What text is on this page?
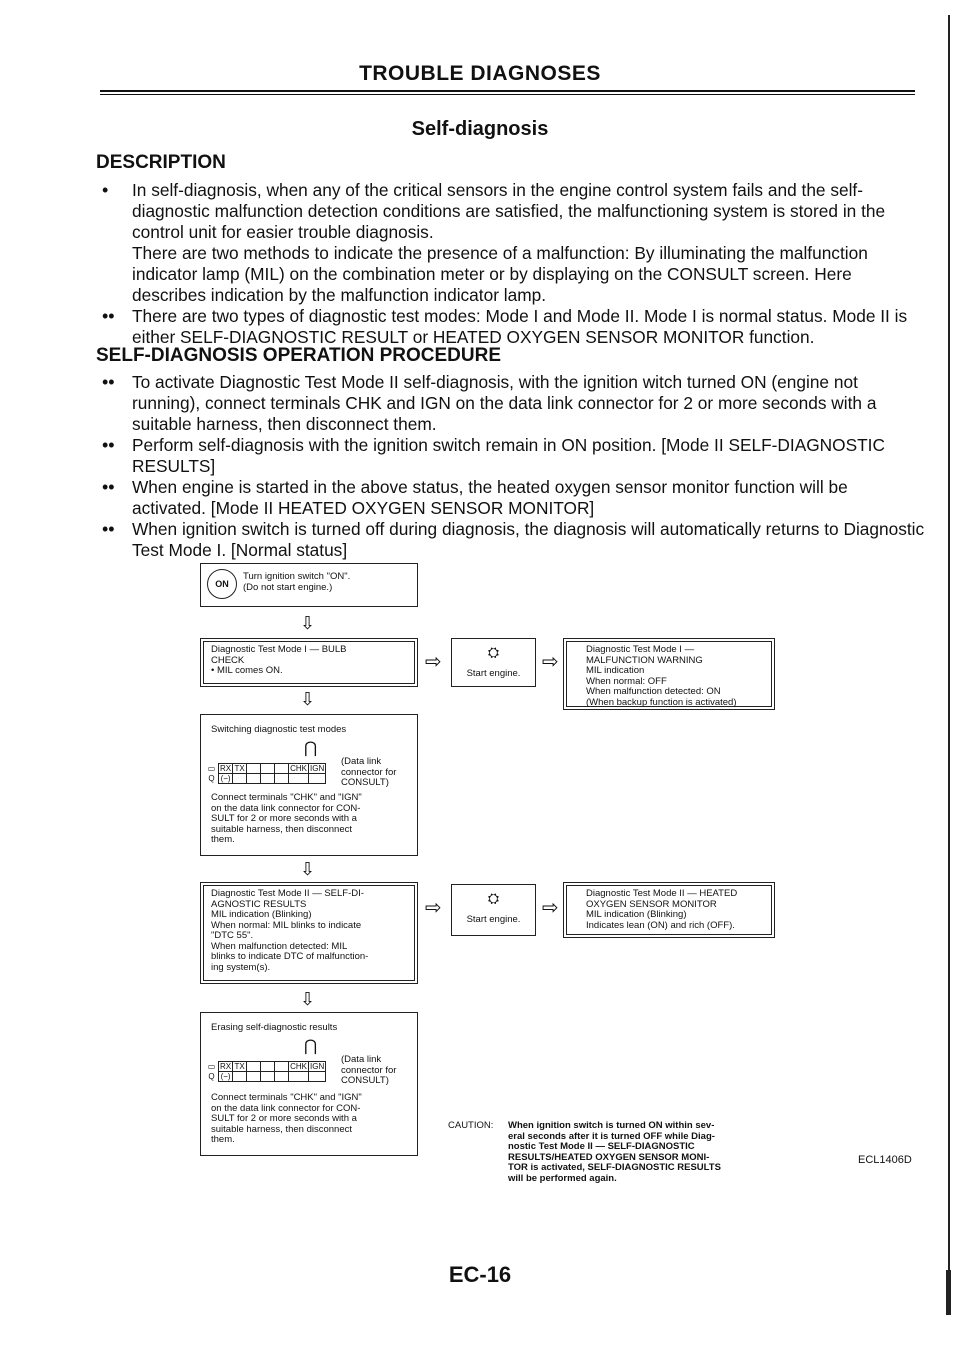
TROUBLE DIAGNOSES
Self-diagnosis
DESCRIPTION

• In self-diagnosis, when any of the critical sensors in the engine control system fails and the self-diagnostic malfunction detection conditions are satisfied, the malfunctioning system is stored in the control unit for easier trouble diagnosis.

There are two methods to indicate the presence of a malfunction: By illuminating the malfunction indicator lamp (MIL) on the combination meter or by displaying on the CONSULT screen. Here describes indication by the malfunction indicator lamp.

•• There are two types of diagnostic test modes: Mode I and Mode II. Mode I is normal status. Mode II is either SELF-DIAGNOSTIC RESULT or HEATED OXYGEN SENSOR MONITOR function.

SELF-DIAGNOSIS OPERATION PROCEDURE

•• To activate Diagnostic Test Mode II self-diagnosis, with the ignition witch turned ON (engine not running), connect terminals CHK and IGN on the data link connector for 2 or more seconds with a suitable harness, then disconnect them.

•• Perform self-diagnosis with the ignition switch remain in ON position. [Mode II SELF-DIAGNOSTIC RESULTS]

•• When engine is started in the above status, the heated oxygen sensor monitor function will be activated. [Mode II HEATED OXYGEN SENSOR MONITOR]

•• When ignition switch is turned off during diagnosis, the diagnosis will automatically returns to Diagnostic Test Mode I. [Normal status]

ON
Turn ignition switch "ON".
(Do not start engine.)
⇩
Diagnostic Test Mode I — BULB
CHECK
• MIL comes ON.	⇨	⛭
Start engine.
⇨
Diagnostic Test Mode I —
MALFUNCTION WARNING
MIL indication
When normal: OFF
When malfunction detected: ON
(When backup function is activated)
⇩
Switching diagnostic test modes
⋂
▭	RX	TX				CHK	IGN
Q	(−)						
(Data link
connector for
CONSULT)
Connect terminals "CHK" and "IGN"
on the data link connector for CON-
SULT for 2 or more seconds with a
suitable harness, then disconnect
them.
⇩
Diagnostic Test Mode II — SELF-DI-
AGNOSTIC RESULTS
MIL indication (Blinking)
When normal: MIL blinks to indicate
"DTC 55".
When malfunction detected: MIL
blinks to indicate DTC of malfunction-
ing system(s).
⇨	⛭
Start engine.
⇨
Diagnostic Test Mode II — HEATED
OXYGEN SENSOR MONITOR
MIL indication (Blinking)
Indicates lean (ON) and rich (OFF).
⇩
Erasing self-diagnostic results
⋂
▭	RX	TX				CHK	IGN
Q	(−)						
(Data link
connector for
CONSULT)
Connect terminals "CHK" and "IGN"
on the data link connector for CON-
SULT for 2 or more seconds with a
suitable harness, then disconnect
them.
CAUTION: When ignition switch is turned ON within sev-
eral seconds after it is turned OFF while Diag-
nostic Test Mode II — SELF-DIAGNOSTIC
RESULTS/HEATED OXYGEN SENSOR MONI-
TOR is activated, SELF-DIAGNOSTIC RESULTS
will be performed again.
ECL1406D
EC-16
